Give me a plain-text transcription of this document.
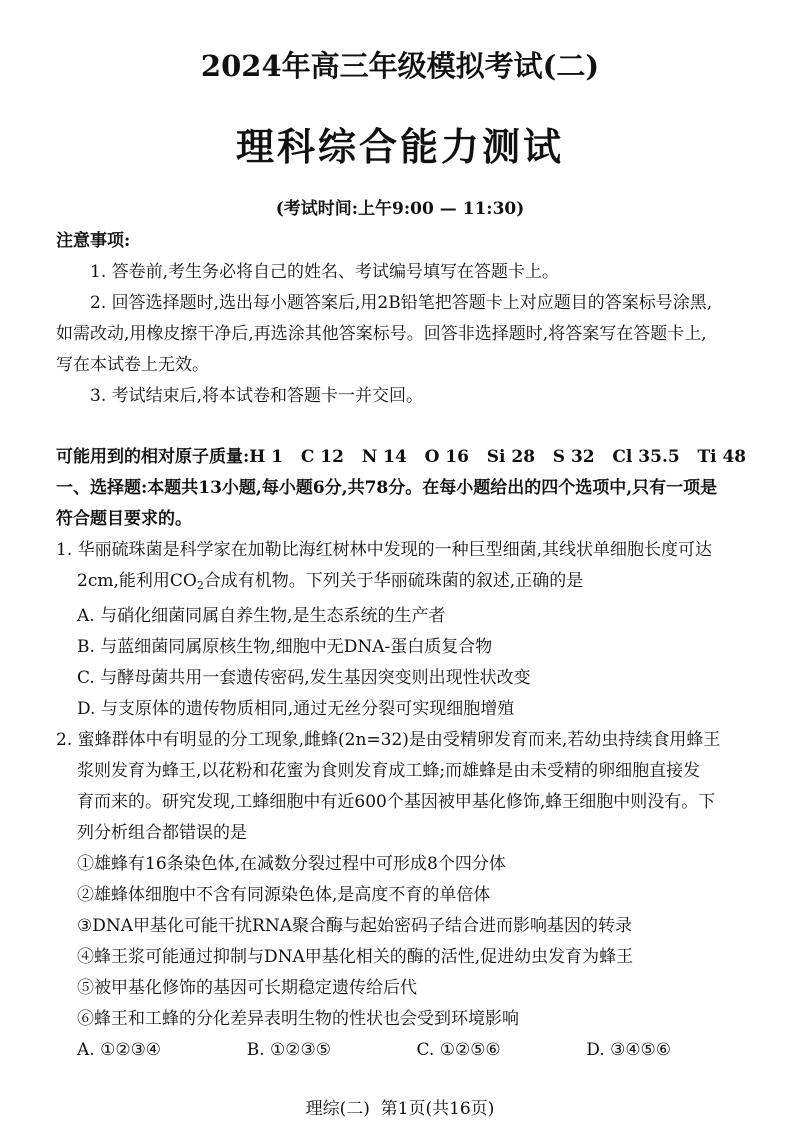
2024年高三年级模拟考试(二)
理科综合能力测试
(考试时间:上午9:00 — 11:30)
注意事项:
1. 答卷前,考生务必将自己的姓名、考试编号填写在答题卡上。
2. 回答选择题时,选出每小题答案后,用2B铅笔把答题卡上对应题目的答案标号涂黑,
如需改动,用橡皮擦干净后,再选涂其他答案标号。回答非选择题时,将答案写在答题卡上,
写在本试卷上无效。
3. 考试结束后,将本试卷和答题卡一并交回。
可能用到的相对原子质量:H 1   C 12   N 14   O 16   Si 28   S 32   Cl 35.5   Ti 48
一、选择题:本题共13小题,每小题6分,共78分。在每小题给出的四个选项中,只有一项是
符合题目要求的。
1. 华丽硫珠菌是科学家在加勒比海红树林中发现的一种巨型细菌,其线状单细胞长度可达
2cm,能利用$CO_2$合成有机物。下列关于华丽硫珠菌的叙述,正确的是
A. 与硝化细菌同属自养生物,是生态系统的生产者
B. 与蓝细菌同属原核生物,细胞中无DNA-蛋白质复合物
C. 与酵母菌共用一套遗传密码,发生基因突变则出现性状改变
D. 与支原体的遗传物质相同,通过无丝分裂可实现细胞增殖
2. 蜜蜂群体中有明显的分工现象,雌蜂(2n=32)是由受精卵发育而来,若幼虫持续食用蜂王
浆则发育为蜂王,以花粉和花蜜为食则发育成工蜂;而雄蜂是由未受精的卵细胞直接发
育而来的。研究发现,工蜂细胞中有近600个基因被甲基化修饰,蜂王细胞中则没有。下
列分析组合都错误的是
①雄蜂有16条染色体,在减数分裂过程中可形成8个四分体
②雄蜂体细胞中不含有同源染色体,是高度不育的单倍体
③DNA甲基化可能干扰RNA聚合酶与起始密码子结合进而影响基因的转录
④蜂王浆可能通过抑制与DNA甲基化相关的酶的活性,促进幼虫发育为蜂王
⑤被甲基化修饰的基因可长期稳定遗传给后代
⑥蜂王和工蜂的分化差异表明生物的性状也会受到环境影响
A. ①②③④	B. ①②③⑤	C. ①②⑤⑥	D. ③④⑤⑥
理综(二)  第1页(共16页)
